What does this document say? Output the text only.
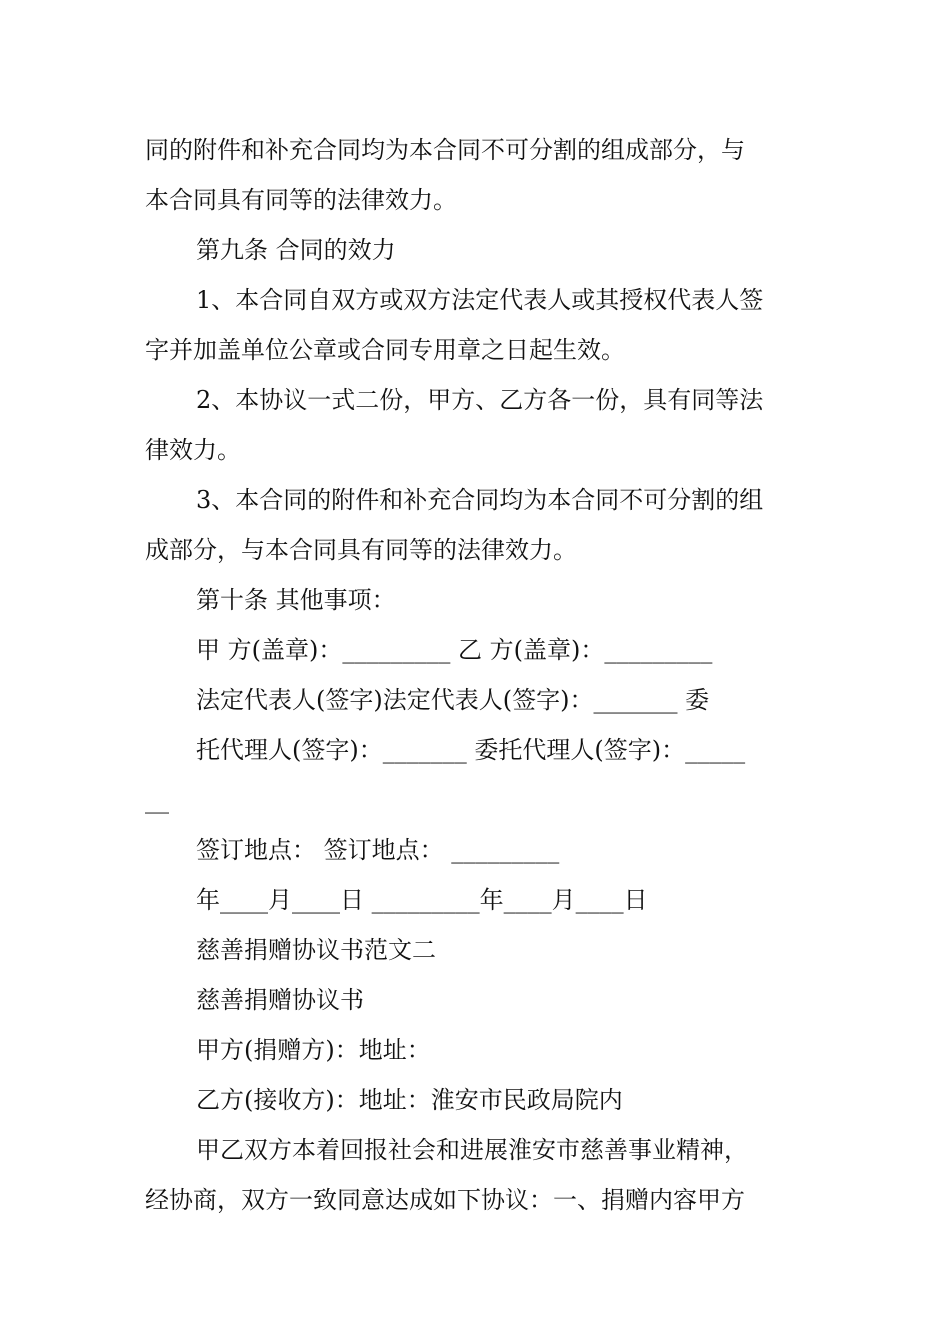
同的附件和补充合同均为本合同不可分割的组成部分，与
本合同具有同等的法律效力。
第九条 合同的效力
1、本合同自双方或双方法定代表人或其授权代表人签
字并加盖单位公章或合同专用章之日起生效。
2、本协议一式二份，甲方、乙方各一份，具有同等法
律效力。
3、本合同的附件和补充合同均为本合同不可分割的组
成部分，与本合同具有同等的法律效力。
第十条 其他事项：
甲 方(盖章)：_________ 乙 方(盖章)：_________
法定代表人(签字)法定代表人(签字)：_______ 委
托代理人(签字)：_______ 委托代理人(签字)：_____
__
签订地点： 签订地点： _________
年____月____日 _________年____月____日
慈善捐赠协议书范文二
慈善捐赠协议书
甲方(捐赠方)：地址：
乙方(接收方)：地址：淮安市民政局院内
甲乙双方本着回报社会和进展淮安市慈善事业精神，
经协商，双方一致同意达成如下协议：一、捐赠内容甲方
